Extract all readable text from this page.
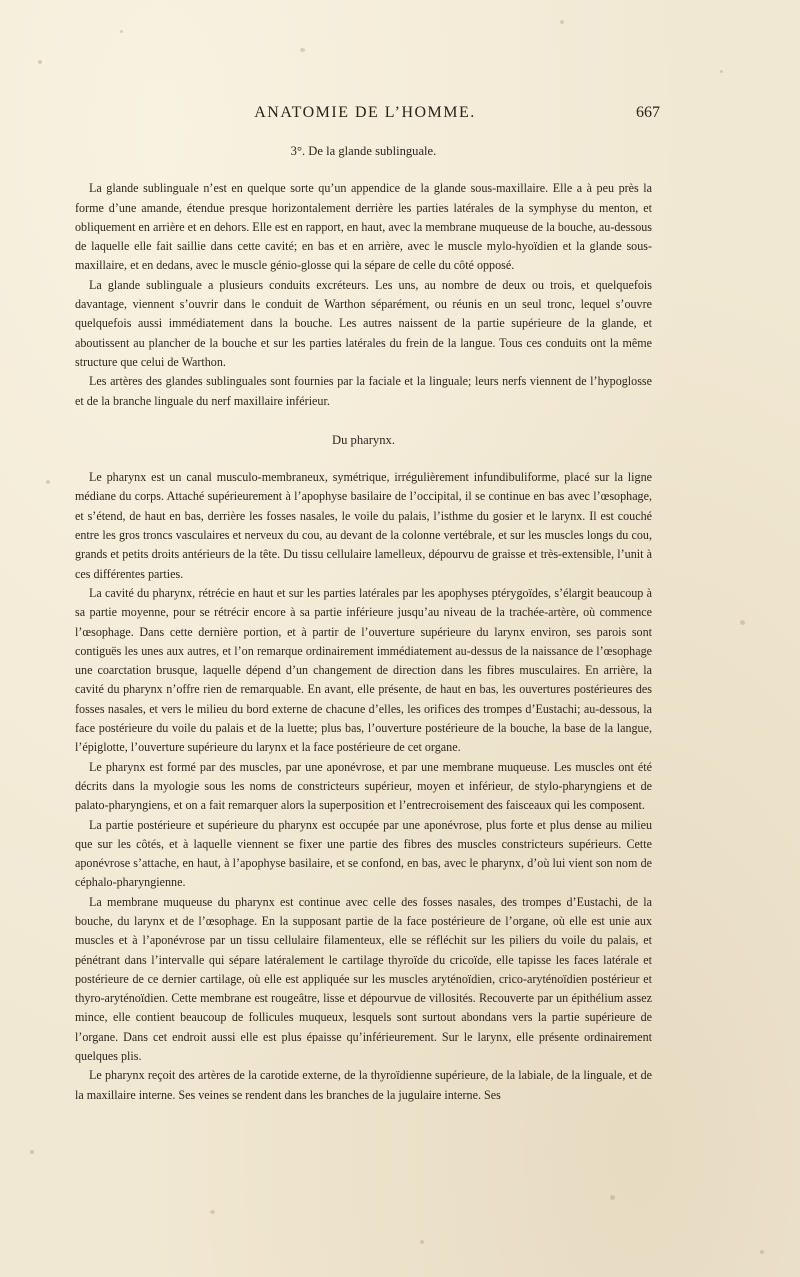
ANATOMIE DE L’HOMME.	667

3°. De la glande sublinguale.

La glande sublinguale n’est en quelque sorte qu’un appendice de la glande sous-maxillaire. Elle a à peu près la forme d’une amande, étendue presque horizontalement derrière les parties latérales de la symphyse du menton, et obliquement en arrière et en dehors. Elle est en rapport, en haut, avec la membrane muqueuse de la bouche, au-dessous de laquelle elle fait saillie dans cette cavité; en bas et en arrière, avec le muscle mylo-hyoïdien et la glande sous-maxillaire, et en dedans, avec le muscle génio-glosse qui la sépare de celle du côté opposé.

La glande sublinguale a plusieurs conduits excréteurs. Les uns, au nombre de deux ou trois, et quelquefois davantage, viennent s’ouvrir dans le conduit de Warthon séparément, ou réunis en un seul tronc, lequel s’ouvre quelquefois aussi immédiatement dans la bouche. Les autres naissent de la partie supérieure de la glande, et aboutissent au plancher de la bouche et sur les parties latérales du frein de la langue. Tous ces conduits ont la même structure que celui de Warthon.

Les artères des glandes sublinguales sont fournies par la faciale et la linguale; leurs nerfs viennent de l’hypoglosse et de la branche linguale du nerf maxillaire inférieur.

Du pharynx.

Le pharynx est un canal musculo-membraneux, symétrique, irrégulièrement infundibuliforme, placé sur la ligne médiane du corps. Attaché supérieurement à l’apophyse basilaire de l’occipital, il se continue en bas avec l’œsophage, et s’étend, de haut en bas, derrière les fosses nasales, le voile du palais, l’isthme du gosier et le larynx. Il est couché entre les gros troncs vasculaires et nerveux du cou, au devant de la colonne vertébrale, et sur les muscles longs du cou, grands et petits droits antérieurs de la tête. Du tissu cellulaire lamelleux, dépourvu de graisse et très-extensible, l’unit à ces différentes parties.

La cavité du pharynx, rétrécie en haut et sur les parties latérales par les apophyses ptérygoïdes, s’élargit beaucoup à sa partie moyenne, pour se rétrécir encore à sa partie inférieure jusqu’au niveau de la trachée-artère, où commence l’œsophage. Dans cette dernière portion, et à partir de l’ouverture supérieure du larynx environ, ses parois sont contiguës les unes aux autres, et l’on remarque ordinairement immédiatement au-dessus de la naissance de l’œsophage une coarctation brusque, laquelle dépend d’un changement de direction dans les fibres musculaires. En arrière, la cavité du pharynx n’offre rien de remarquable. En avant, elle présente, de haut en bas, les ouvertures postérieures des fosses nasales, et vers le milieu du bord externe de chacune d’elles, les orifices des trompes d’Eustachi; au-dessous, la face postérieure du voile du palais et de la luette; plus bas, l’ouverture postérieure de la bouche, la base de la langue, l’épiglotte, l’ouverture supérieure du larynx et la face postérieure de cet organe.

Le pharynx est formé par des muscles, par une aponévrose, et par une membrane muqueuse. Les muscles ont été décrits dans la myologie sous les noms de constricteurs supérieur, moyen et inférieur, de stylo-pharyngiens et de palato-pharyngiens, et on a fait remarquer alors la superposition et l’entrecroisement des faisceaux qui les composent.

La partie postérieure et supérieure du pharynx est occupée par une aponévrose, plus forte et plus dense au milieu que sur les côtés, et à laquelle viennent se fixer une partie des fibres des muscles constricteurs supérieurs. Cette aponévrose s’attache, en haut, à l’apophyse basilaire, et se confond, en bas, avec le pharynx, d’où lui vient son nom de céphalo-pharyngienne.

La membrane muqueuse du pharynx est continue avec celle des fosses nasales, des trompes d’Eustachi, de la bouche, du larynx et de l’œsophage. En la supposant partie de la face postérieure de l’organe, où elle est unie aux muscles et à l’aponévrose par un tissu cellulaire filamenteux, elle se réfléchit sur les piliers du voile du palais, et pénétrant dans l’intervalle qui sépare latéralement le cartilage thyroïde du cricoïde, elle tapisse les faces latérale et postérieure de ce dernier cartilage, où elle est appliquée sur les muscles aryténoïdien, crico-aryténoïdien postérieur et thyro-aryténoïdien. Cette membrane est rougeâtre, lisse et dépourvue de villosités. Recouverte par un épithélium assez mince, elle contient beaucoup de follicules muqueux, lesquels sont surtout abondans vers la partie supérieure de l’organe. Dans cet endroit aussi elle est plus épaisse qu’inférieurement. Sur le larynx, elle présente ordinairement quelques plis.

Le pharynx reçoit des artères de la carotide externe, de la thyroïdienne supérieure, de la labiale, de la linguale, et de la maxillaire interne. Ses veines se rendent dans les branches de la jugulaire interne. Ses
